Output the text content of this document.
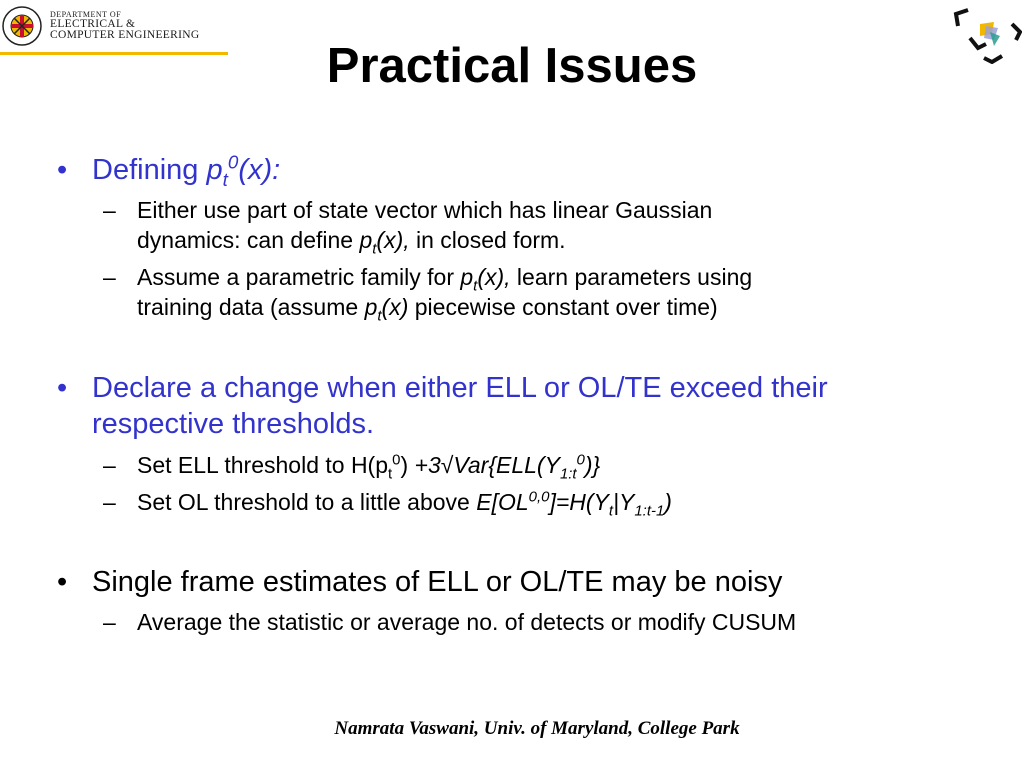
DEPARTMENT OF
ELECTRICAL &
COMPUTER ENGINEERING
Practical Issues
• Defining $p_t^0(x)$:
– Either use part of state vector which has linear Gaussian
dynamics: can define $p_t(x)$, in closed form.
– Assume a parametric family for $p_t(x)$, learn parameters using
training data (assume $p_t(x)$ piecewise constant over time)
• Declare a change when either ELL or OL/TE exceed their
respective thresholds.
– Set ELL threshold to $H(p_t^0) +3√Var\{ELL(Y_{1:t}^0)\}$
– Set OL threshold to a little above $E[OL^{0,0}]=H(Y_t|Y_{1:t-1})$
• Single frame estimates of ELL or OL/TE may be noisy
– Average the statistic or average no. of detects or modify CUSUM
Namrata Vaswani, Univ. of Maryland, College Park
